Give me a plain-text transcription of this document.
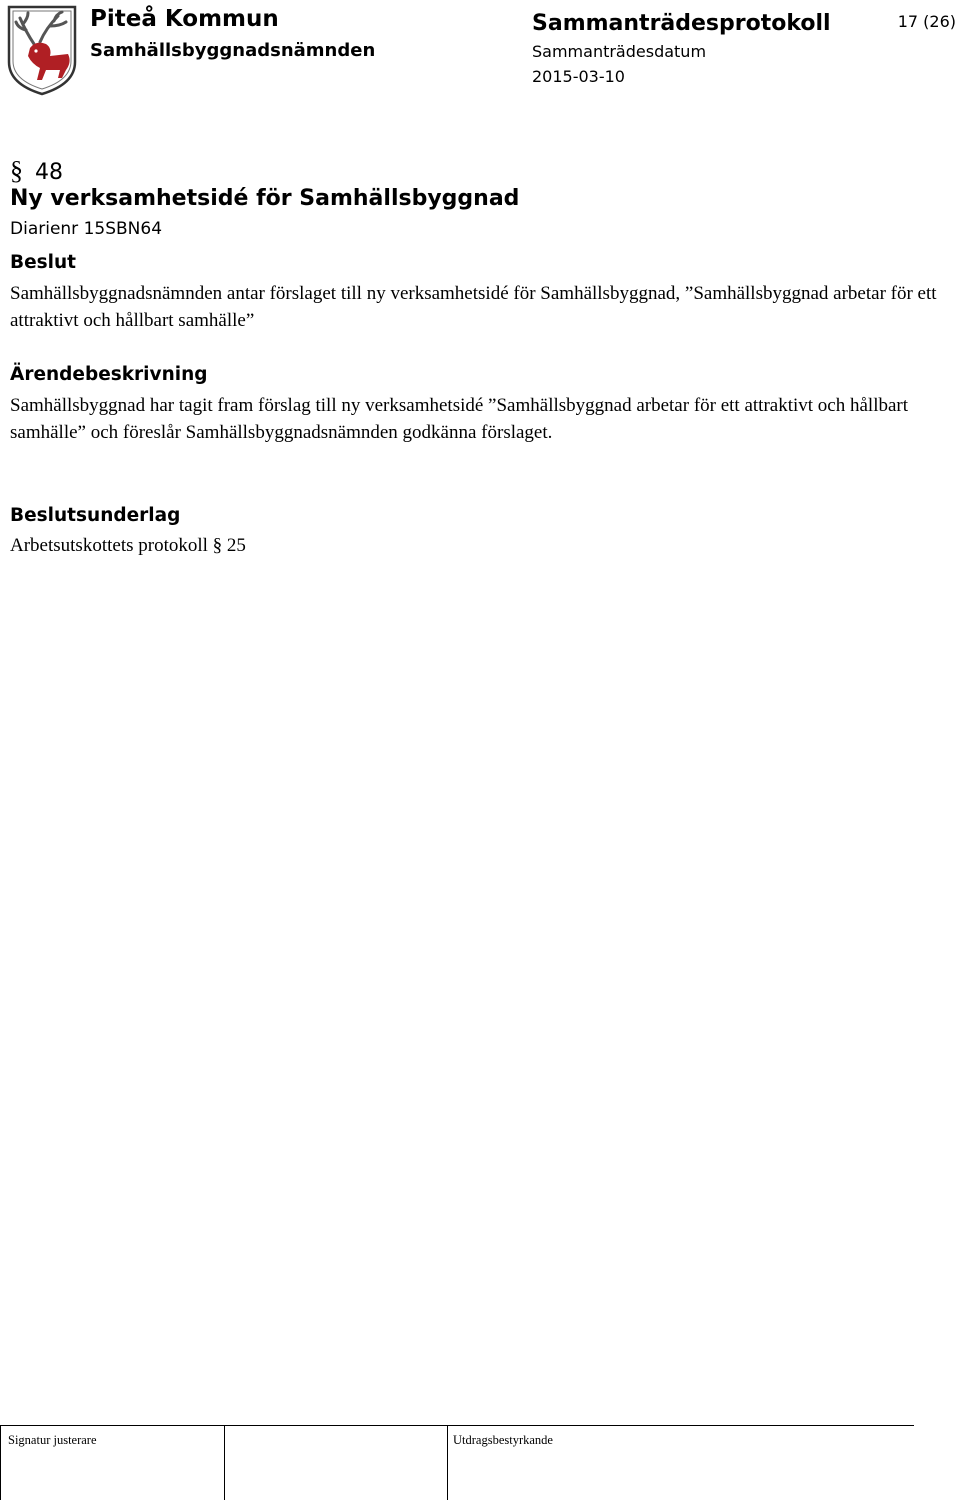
Piteå Kommun
Samhällsbyggnadsnämnden
Sammanträdesprotokoll
Sammanträdesdatum
2015-03-10
17 (26)
§ 48
Ny verksamhetsidé för Samhällsbyggnad
Diarienr 15SBN64
Beslut
Samhällsbyggnadsnämnden antar förslaget till ny verksamhetsidé för Samhällsbyggnad, ”Samhällsbyggnad arbetar för ett attraktivt och hållbart samhälle”
Ärendebeskrivning
Samhällsbyggnad har tagit fram förslag till ny verksamhetsidé ”Samhällsbyggnad arbetar för ett attraktivt och hållbart samhälle” och föreslår Samhällsbyggnadsnämnden godkänna förslaget.
Beslutsunderlag
Arbetsutskottets protokoll § 25
Signatur justerare	Utdragsbestyrkande
